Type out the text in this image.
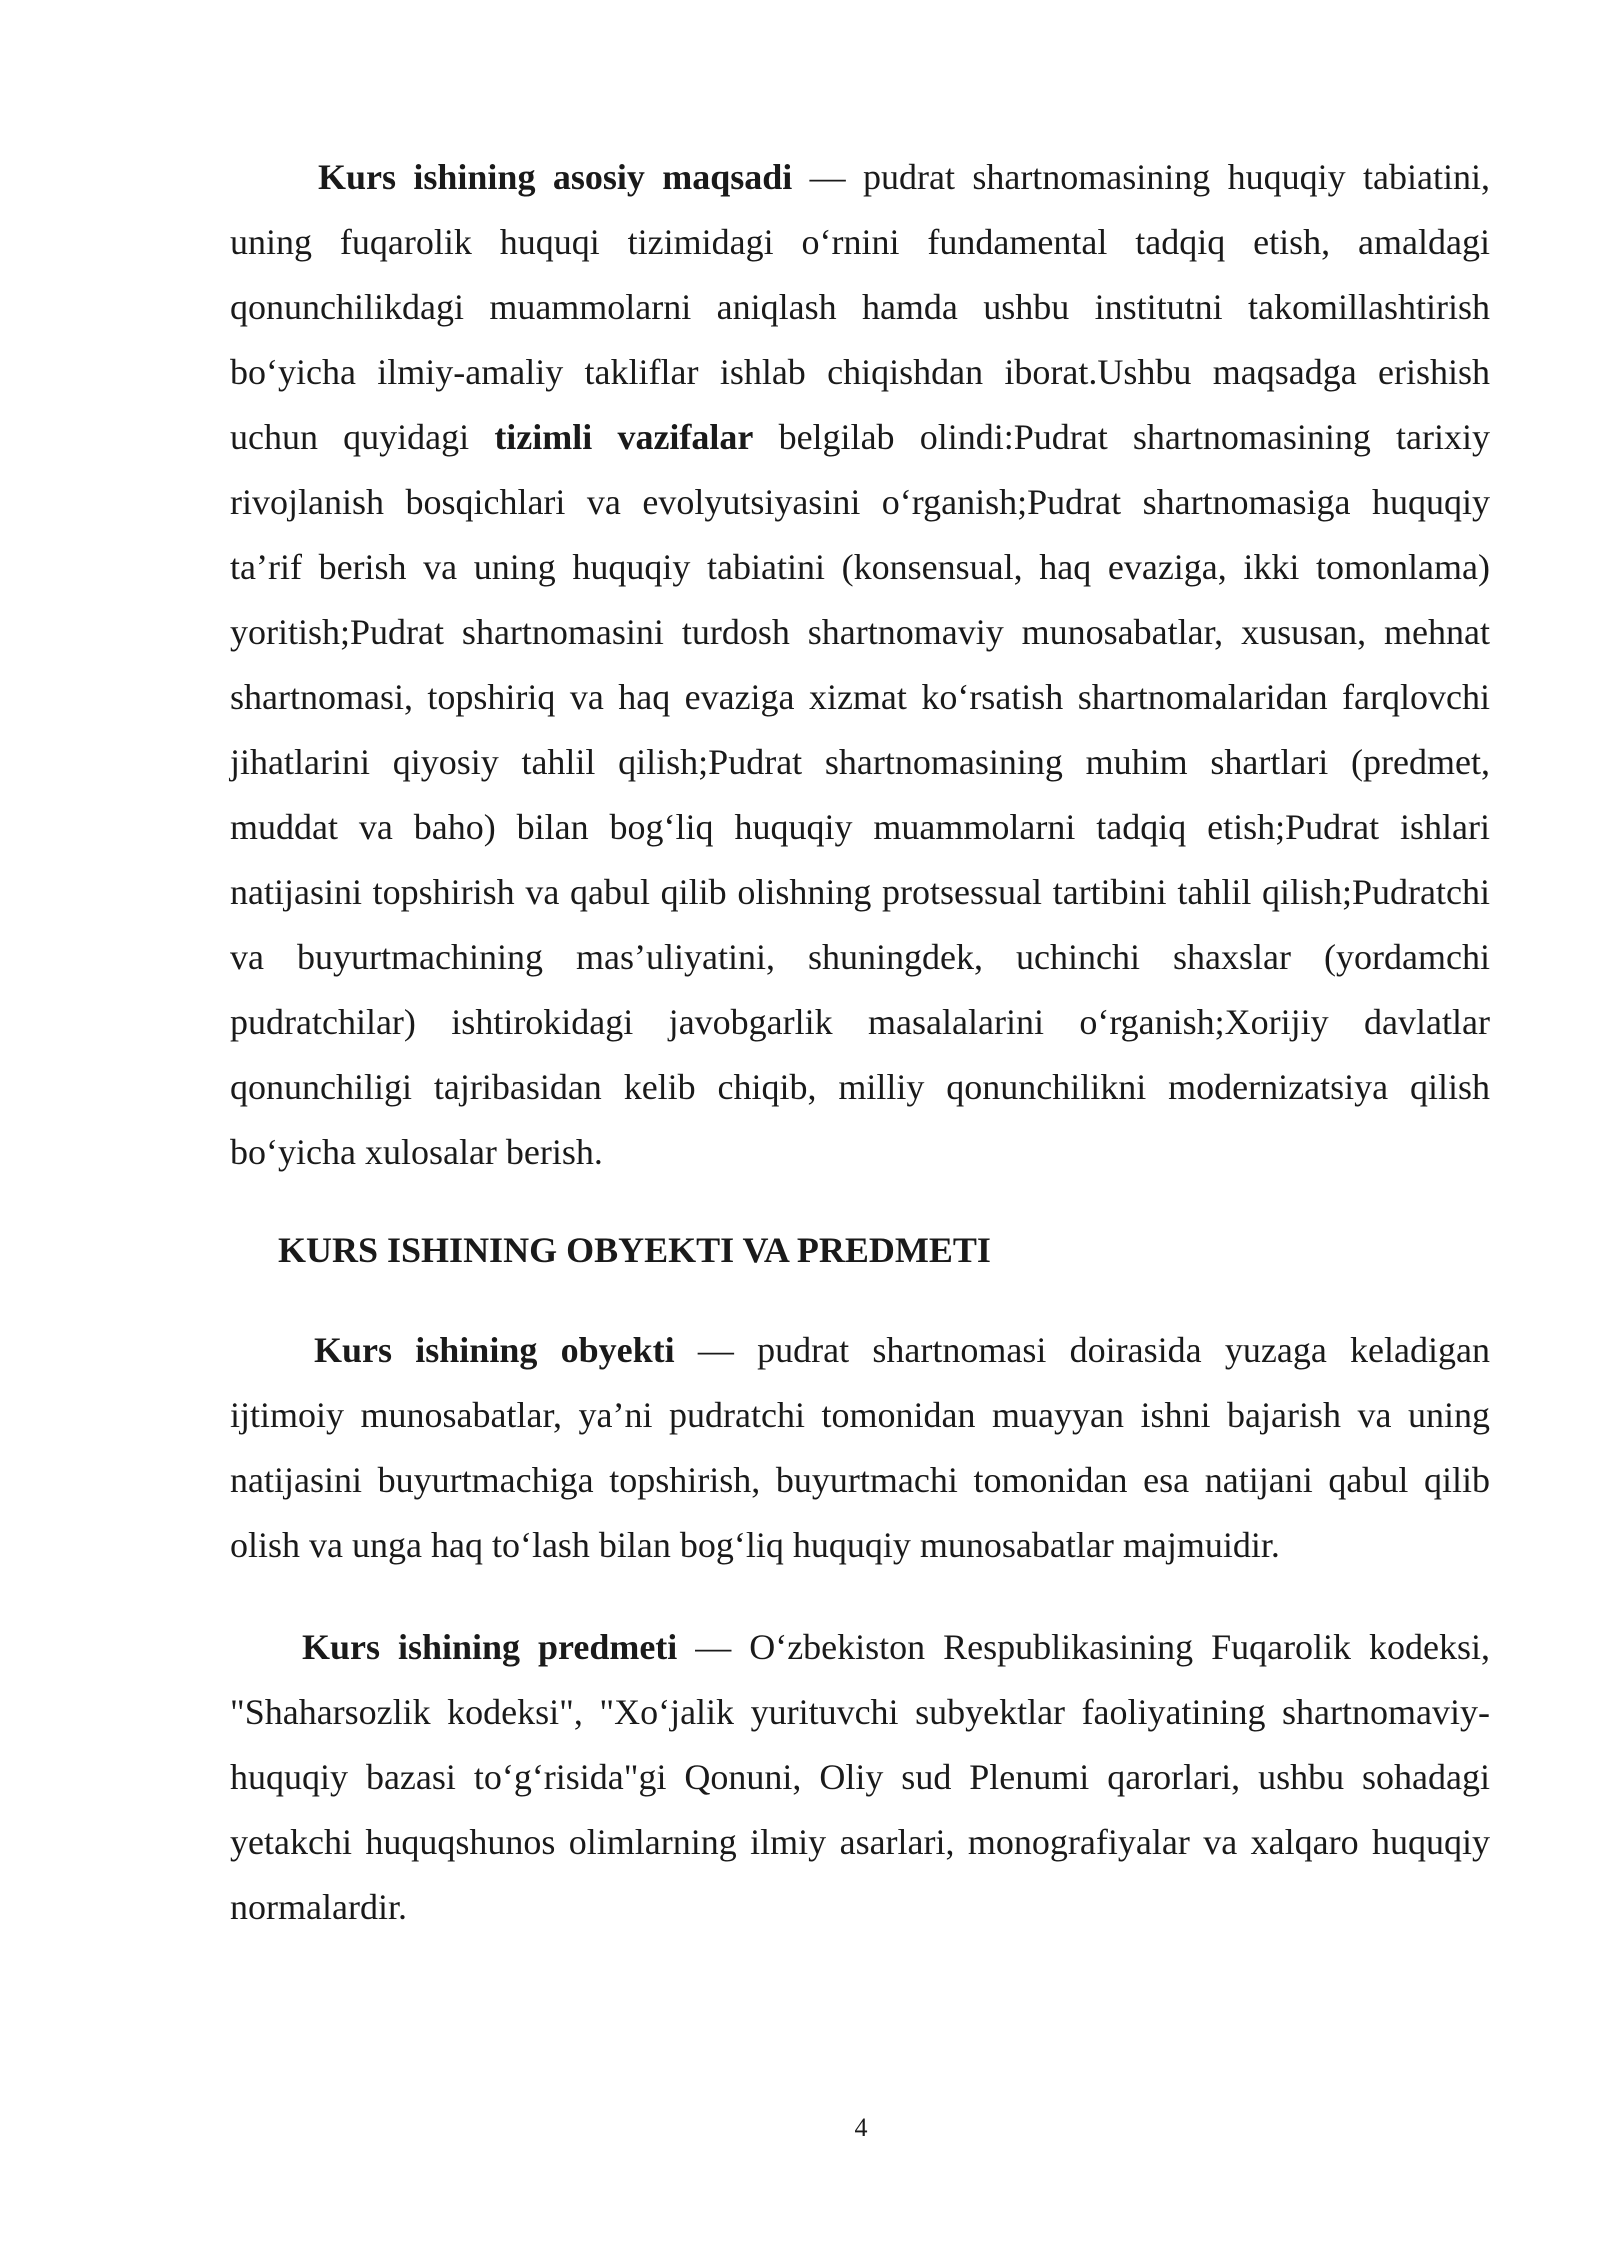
Kurs ishining asosiy maqsadi — pudrat shartnomasining huquqiy tabiatini, uning fuqarolik huquqi tizimidagi oʻrnini fundamental tadqiq etish, amaldagi qonunchilikdagi muammolarni aniqlash hamda ushbu institutni takomillashtirish boʻyicha ilmiy-amaliy takliflar ishlab chiqishdan iborat.Ushbu maqsadga erishish uchun quyidagi tizimli vazifalar belgilab olindi:Pudrat shartnomasining tarixiy rivojlanish bosqichlari va evolyutsiyasini oʻrganish;Pudrat shartnomasiga huquqiy ta’rif berish va uning huquqiy tabiatini (konsensual, haq evaziga, ikki tomonlama) yoritish;Pudrat shartnomasini turdosh shartnomaviy munosabatlar, xususan, mehnat shartnomasi, topshiriq va haq evaziga xizmat koʻrsatish shartnomalaridan farqlovchi jihatlarini qiyosiy tahlil qilish;Pudrat shartnomasining muhim shartlari (predmet, muddat va baho) bilan bogʻliq huquqiy muammolarni tadqiq etish;Pudrat ishlari natijasini topshirish va qabul qilib olishning protsessual tartibini tahlil qilish;Pudratchi va buyurtmachining mas’uliyatini, shuningdek, uchinchi shaxslar (yordamchi pudratchilar) ishtirokidagi javobgarlik masalalarini oʻrganish;Xorijiy davlatlar qonunchiligi tajribasidan kelib chiqib, milliy qonunchilikni modernizatsiya qilish boʻyicha xulosalar berish.

KURS ISHINING OBYEKTI VA PREDMETI

Kurs ishining obyekti — pudrat shartnomasi doirasida yuzaga keladigan ijtimoiy munosabatlar, ya’ni pudratchi tomonidan muayyan ishni bajarish va uning natijasini buyurtmachiga topshirish, buyurtmachi tomonidan esa natijani qabul qilib olish va unga haq toʻlash bilan bogʻliq huquqiy munosabatlar majmuidir.

Kurs ishining predmeti — Oʻzbekiston Respublikasining Fuqarolik kodeksi, "Shaharsozlik kodeksi", "Xoʻjalik yurituvchi subyektlar faoliyatining shartnomaviy-huquqiy bazasi toʻgʻrisida"gi Qonuni, Oliy sud Plenumi qarorlari, ushbu sohadagi yetakchi huquqshunos olimlarning ilmiy asarlari, monografiyalar va xalqaro huquqiy normalardir.

4
